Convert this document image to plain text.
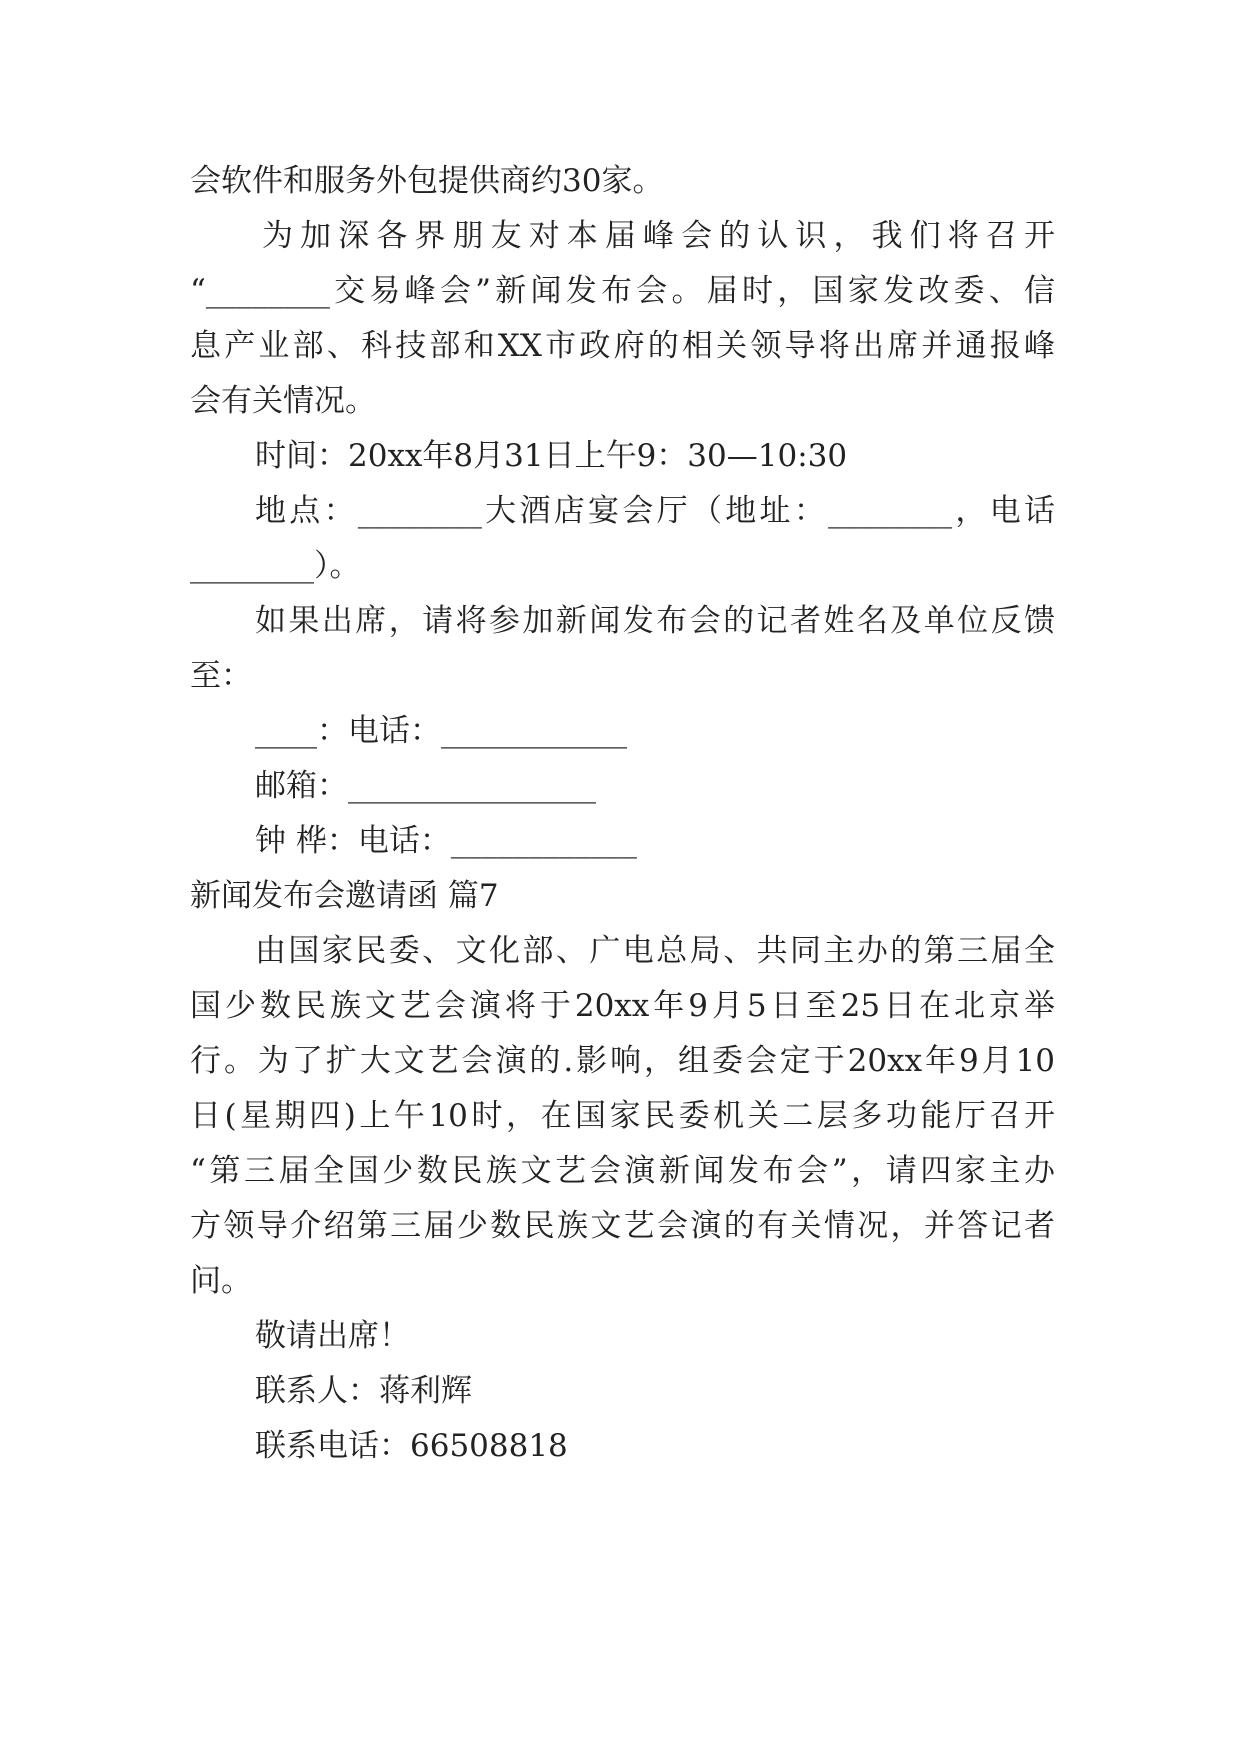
会软件和服务外包提供商约30家。
为加深各界朋友对本届峰会的认识，我们将召开
“________交易峰会”新闻发布会。届时，国家发改委、信
息产业部、科技部和XX市政府的相关领导将出席并通报峰
会有关情况。
时间：20xx年8月31日上午9：30—10:30
地点：________大酒店宴会厅（地址：________，电话
________）。
如果出席，请将参加新闻发布会的记者姓名及单位反馈
至：
____：电话：____________
邮箱：________________
钟 桦：电话：____________
新闻发布会邀请函 篇7
由国家民委、文化部、广电总局、共同主办的第三届全
国少数民族文艺会演将于20xx年9月5日至25日在北京举
行。为了扩大文艺会演的.影响，组委会定于20xx年9月10
日(星期四)上午10时，在国家民委机关二层多功能厅召开
“第三届全国少数民族文艺会演新闻发布会”，请四家主办
方领导介绍第三届少数民族文艺会演的有关情况，并答记者
问。
敬请出席！
联系人：蒋利辉
联系电话：66508818
